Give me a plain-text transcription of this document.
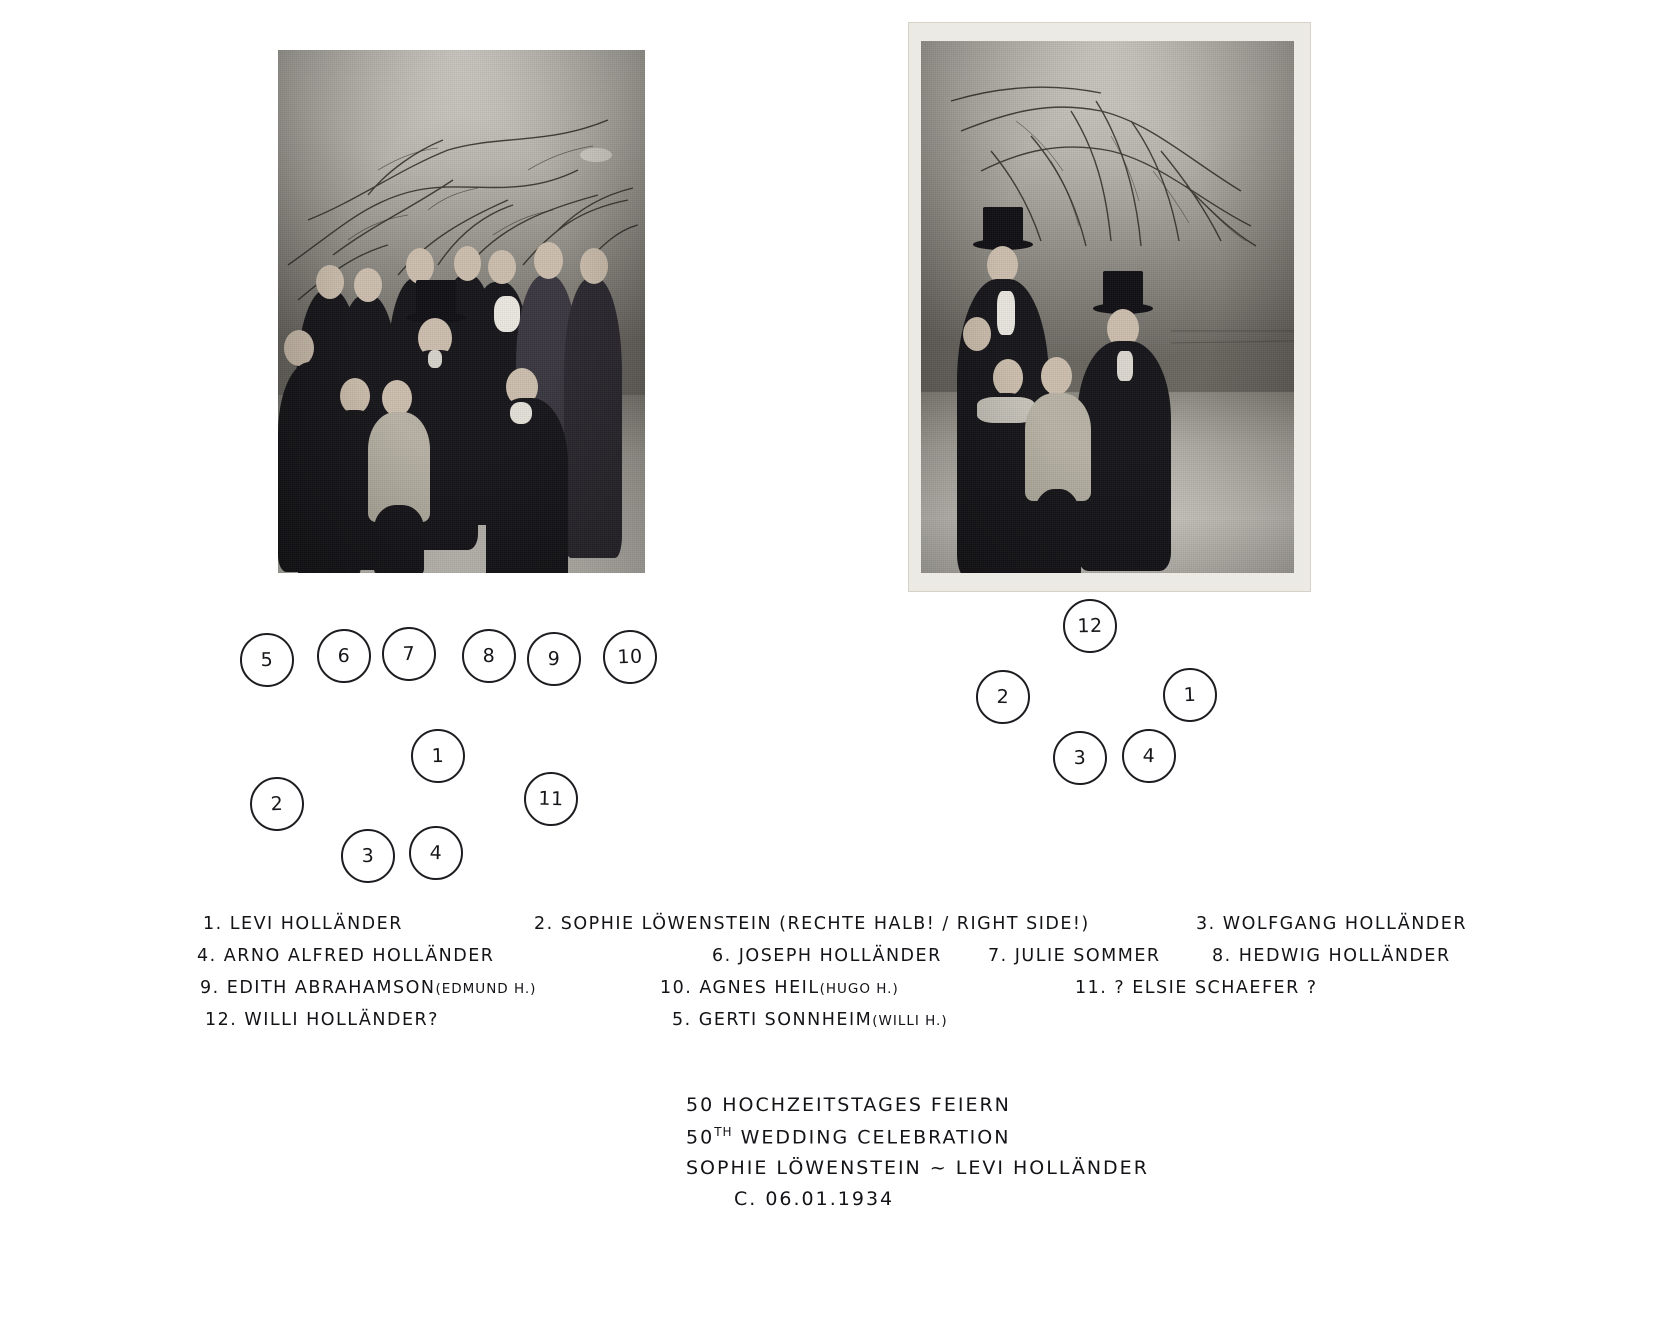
5	6	7	8	9	10
1
11
2
3	4
12
2	1
3	4
1. LEVI HOLLÄNDER	2. SOPHIE LÖWENSTEIN (RECHTE HALB! / RIGHT SIDE!)	3. WOLFGANG HOLLÄNDER
4. ARNO ALFRED HOLLÄNDER	6. JOSEPH HOLLÄNDER	7. JULIE SOMMER	8. HEDWIG HOLLÄNDER
9. EDITH ABRAHAMSON(EDMUND H.)	10. AGNES HEIL(HUGO H.)	11. ? ELSIE SCHAEFER ?
12. WILLI HOLLÄNDER?	5. GERTI SONNHEIM(WILLI H.)
50 HOCHZEITSTAGES FEIERN
50TH WEDDING CELEBRATION
SOPHIE LÖWENSTEIN ~ LEVI HOLLÄNDER
C. 06.01.1934
